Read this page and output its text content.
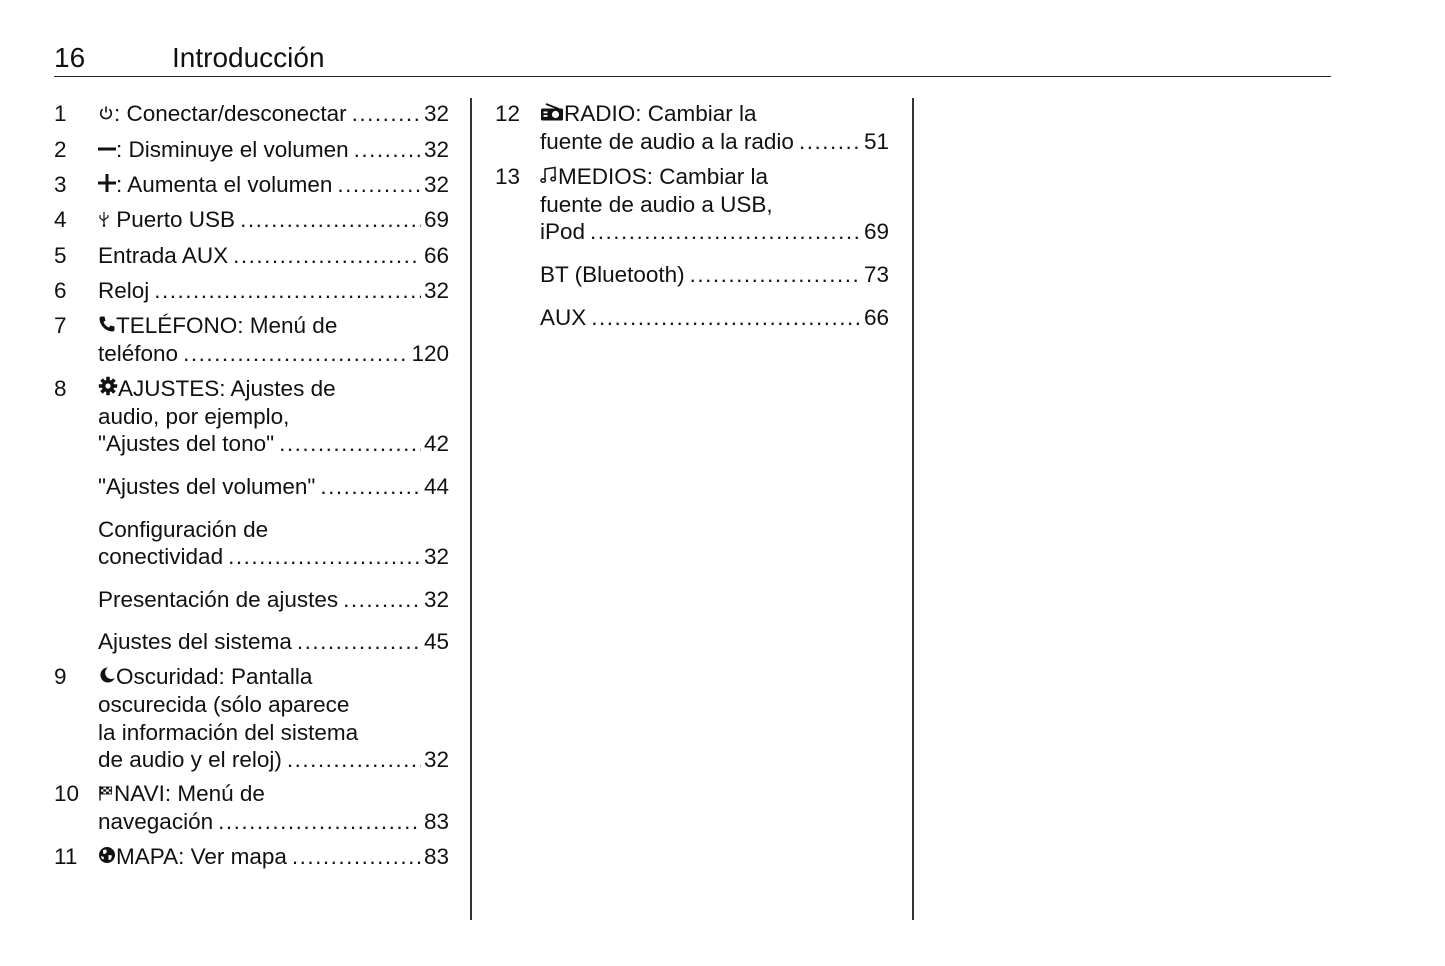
16	Introducción
1	: Conectar/desconectar .....	32
2	: Disminuye el volumen .....	32
3	: Aumenta el volumen .....	32
4	Puerto USB .....	69
5 Entrada AUX .....	66
6 Reloj .....	32
7	TELÉFONO: Menú de
teléfono .....	120
8	AJUSTES: Ajustes de
audio, por ejemplo,
"Ajustes del tono" .....	42
"Ajustes del volumen" .....	44
Configuración de
conectividad .....	32
Presentación de ajustes .....	32
Ajustes del sistema .....	45
9	Oscuridad: Pantalla
oscurecida (sólo aparece
la información del sistema
de audio y el reloj) .....	32
10	NAVI: Menú de
navegación .....	83
11	MAPA: Ver mapa .....	83
12	RADIO: Cambiar la
fuente de audio a la radio .....	51
13	MEDIOS: Cambiar la
fuente de audio a USB,
iPod .....	69
BT (Bluetooth) .....	73
AUX .....	66
